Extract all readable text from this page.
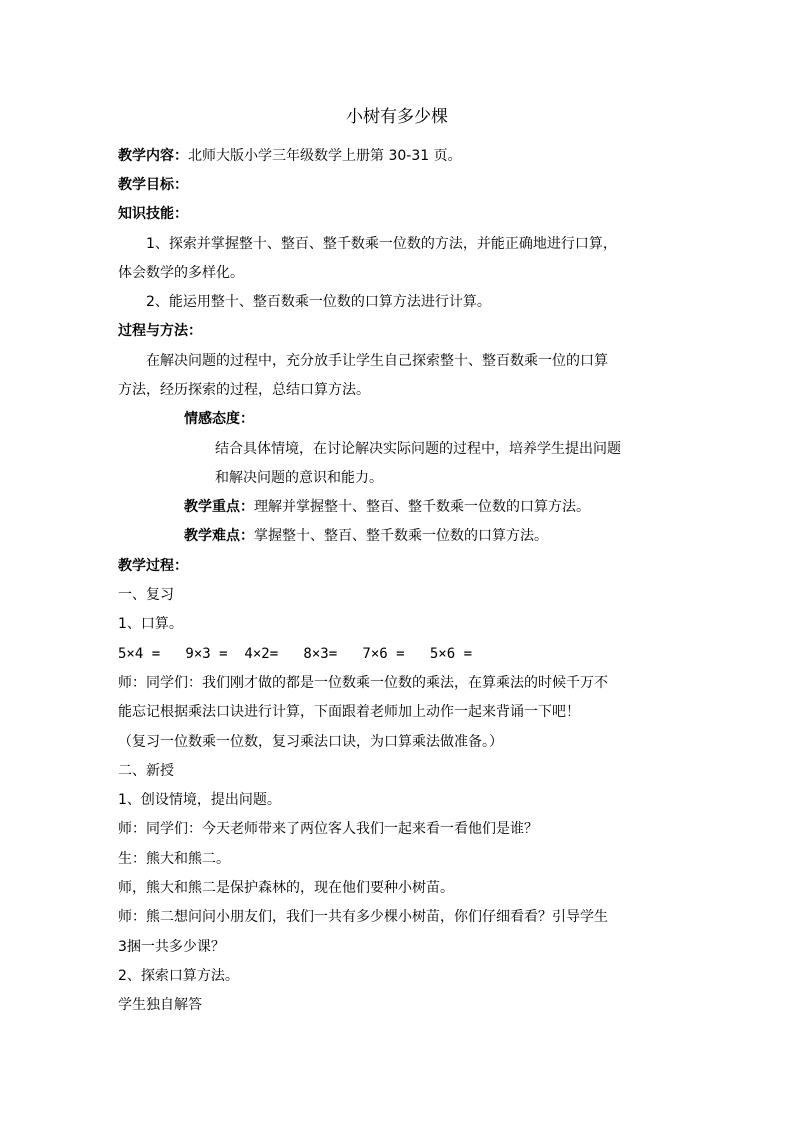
小树有多少棵
教学内容：北师大版小学三年级数学上册第 30-31 页。
教学目标：
知识技能：
1、探索并掌握整十、整百、整千数乘一位数的方法，并能正确地进行口算，
体会数学的多样化。
2、能运用整十、整百数乘一位数的口算方法进行计算。
过程与方法：
在解决问题的过程中，充分放手让学生自己探索整十、整百数乘一位的口算
方法，经历探索的过程，总结口算方法。
情感态度：
结合具体情境，在讨论解决实际问题的过程中，培养学生提出问题
和解决问题的意识和能力。
教学重点：理解并掌握整十、整百、整千数乘一位数的口算方法。
教学难点：掌握整十、整百、整千数乘一位数的口算方法。
教学过程：
一、复习
1、口算。
5×4 =   9×3 =  4×2=   8×3=   7×6 =   5×6 =
师：同学们：我们刚才做的都是一位数乘一位数的乘法，在算乘法的时候千万不
能忘记根据乘法口诀进行计算，下面跟着老师加上动作一起来背诵一下吧！
（复习一位数乘一位数，复习乘法口诀，为口算乘法做准备。）
二、新授
1、创设情境，提出问题。
师：同学们：今天老师带来了两位客人我们一起来看一看他们是谁？
生：熊大和熊二。
师，熊大和熊二是保护森林的，现在他们要种小树苗。
师：熊二想问问小朋友们，我们一共有多少棵小树苗，你们仔细看看？引导学生
3捆一共多少课？
2、探索口算方法。
学生独自解答
